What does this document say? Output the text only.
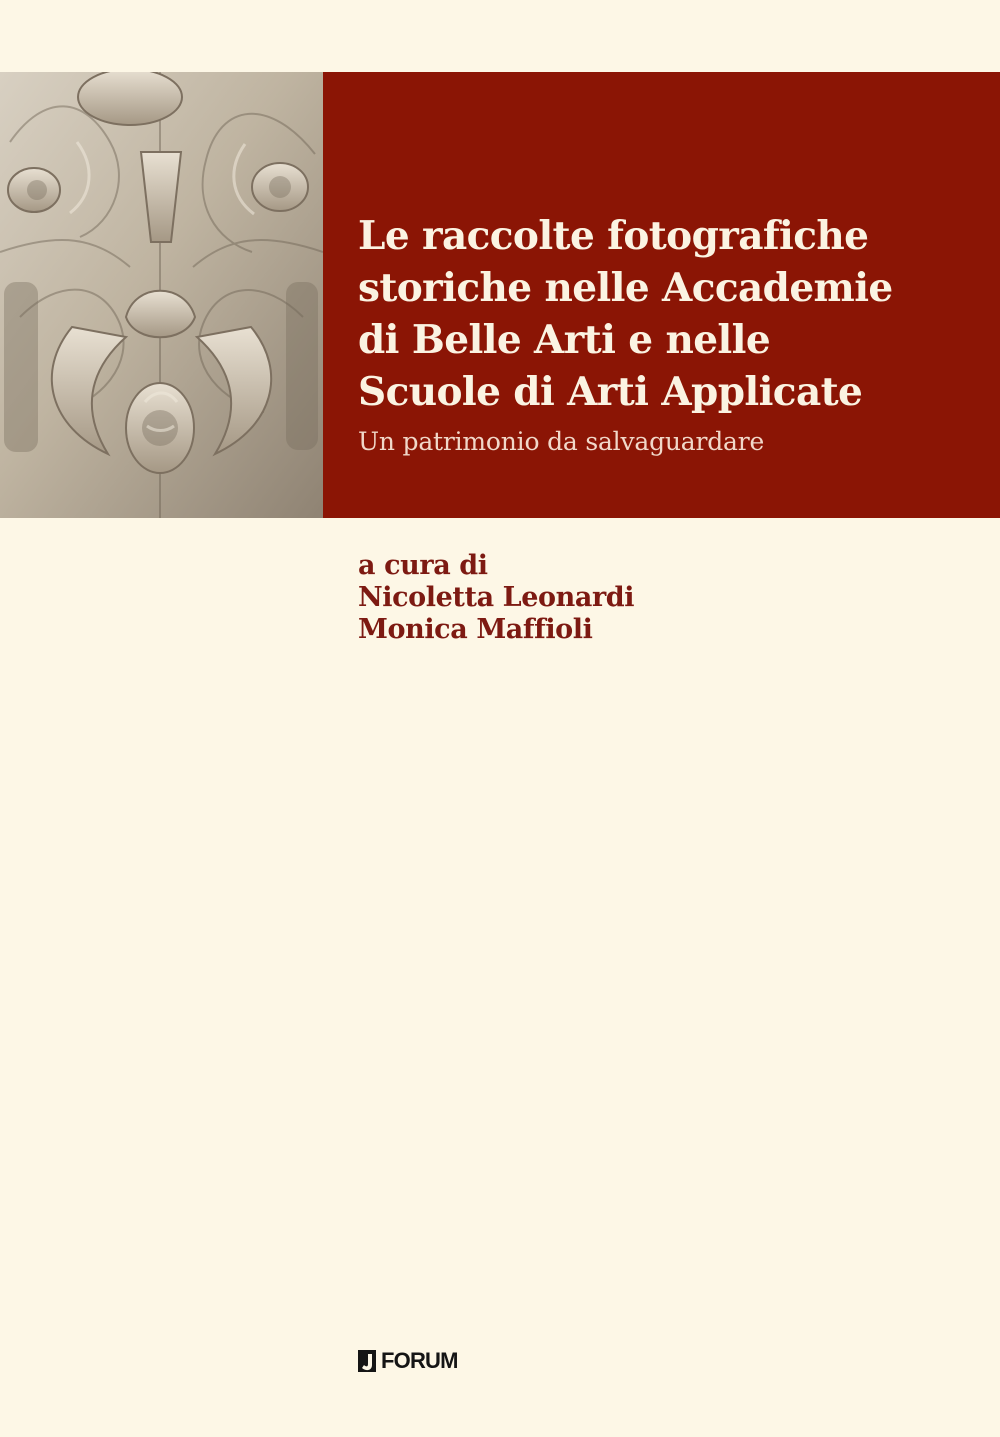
Le raccolte fotografiche
storiche nelle Accademie
di Belle Arti e nelle
Scuole di Arti Applicate
Un patrimonio da salvaguardare
a cura di
Nicoletta Leonardi
Monica Maffioli
FORUM
